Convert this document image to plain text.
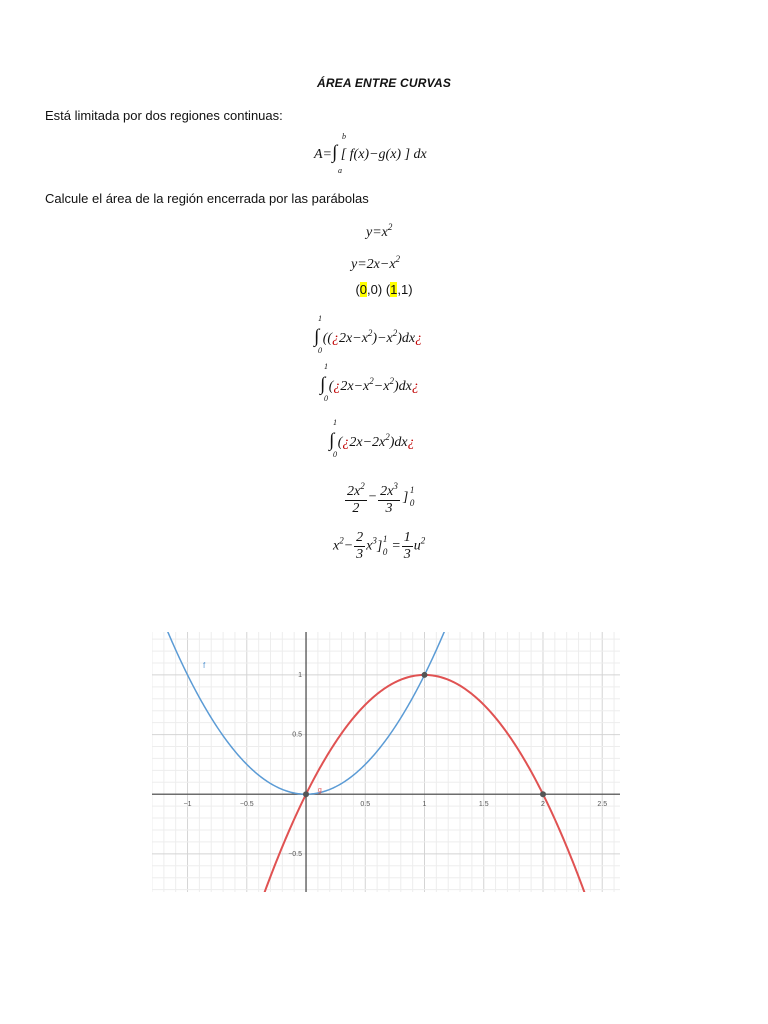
ÁREA ENTRE CURVAS
Está limitada por dos regiones continuas:
A=∫
b
a
[ f(x)−g(x) ] dx
Calcule el área de la región encerrada por las parábolas
$y=x^2$
$y=2x-x^2$
(0,0) (1,1)
1
0
∫ $((¿2x-x^2)-x^2)dx¿$
1
0
∫ $(¿2x-x^2-x^2)dx¿$
1
0
∫ $(¿2x-2x^2)dx¿$
$\frac{2x^2}{2} - \frac{2x^3}{3}$ ] 1
0
$x^2- \frac{2}{3} x^3$] 1
$0 = \frac{1}{3} u^2$
−1	−0.5	0.5	1	1.5	2	2.5
−0.5
0.5
1
f
g
